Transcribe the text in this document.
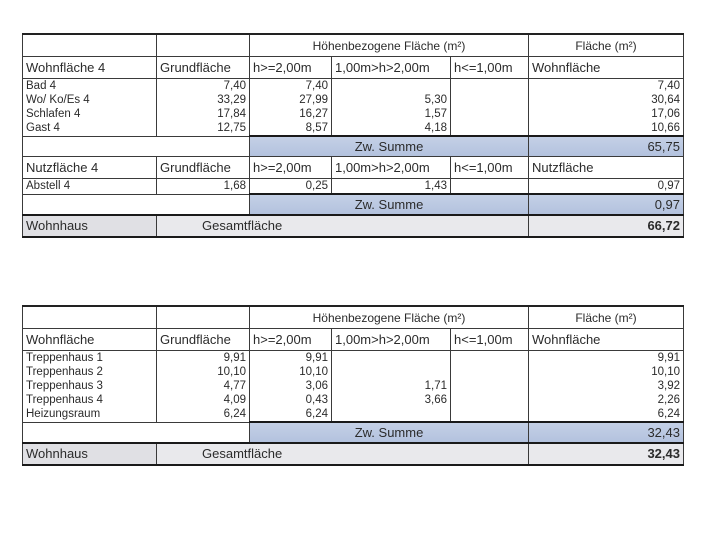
		Höhenbezogene Fläche (m²)			Fläche (m²)
Wohnfläche 4	Grundfläche	h>=2,00m	1,00m>h>2,00m	h<=1,00m	Wohnfläche
Bad 4	7,40	7,40			7,40
Wo/ Ko/Es 4	33,29	27,99	5,30		30,64
Schlafen 4	17,84	16,27	1,57		17,06
Gast 4	12,75	8,57	4,18		10,66
		Zw. Summe			65,75
Nutzfläche 4	Grundfläche	h>=2,00m	1,00m>h>2,00m	h<=1,00m	Nutzfläche
Abstell 4	1,68	0,25	1,43		0,97
		Zw. Summe			0,97
Wohnhaus	Gesamtfläche				66,72
		Höhenbezogene Fläche (m²)			Fläche (m²)
Wohnfläche	Grundfläche	h>=2,00m	1,00m>h>2,00m	h<=1,00m	Wohnfläche
Treppenhaus 1	9,91	9,91			9,91
Treppenhaus 2	10,10	10,10			10,10
Treppenhaus 3	4,77	3,06	1,71		3,92
Treppenhaus 4	4,09	0,43	3,66		2,26
Heizungsraum	6,24	6,24			6,24
		Zw. Summe			32,43
Wohnhaus	Gesamtfläche				32,43
